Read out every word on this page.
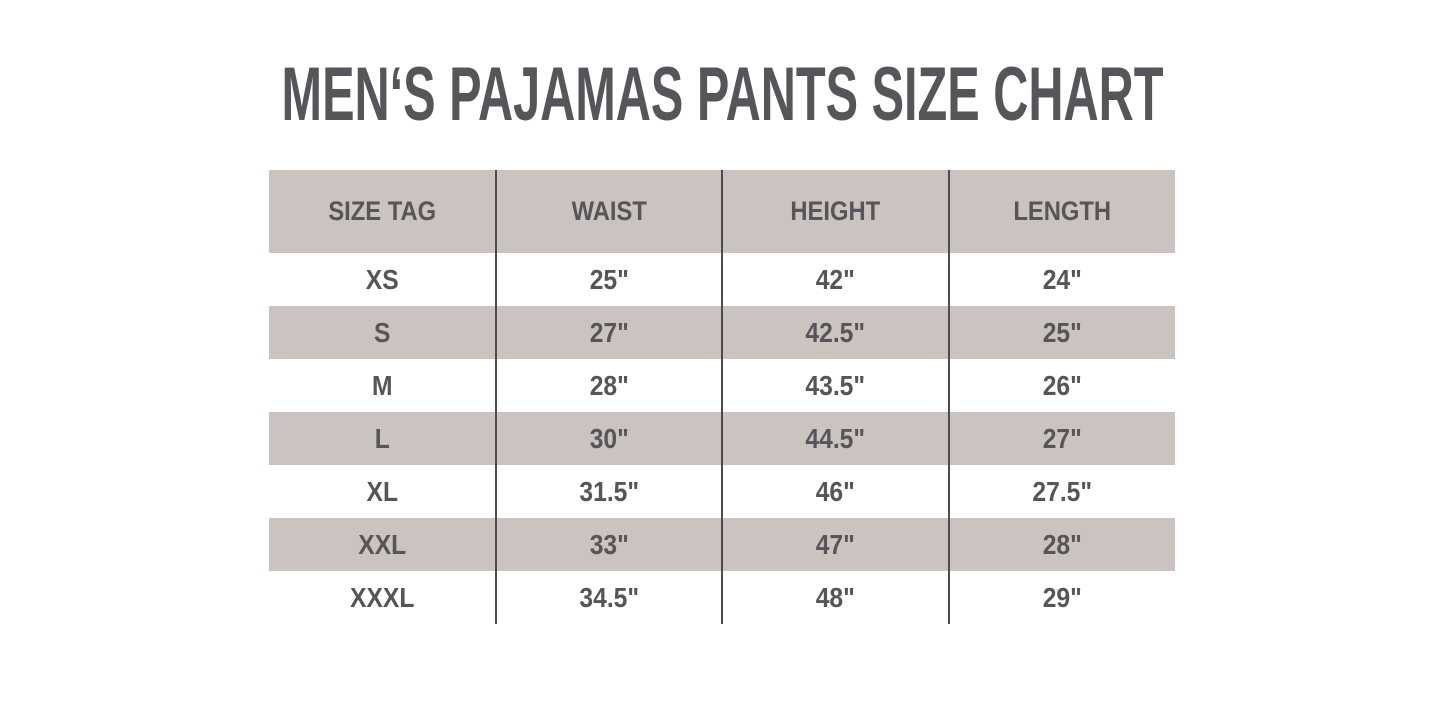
MEN‘S PAJAMAS PANTS SIZE CHART
SIZE TAG	WAIST	HEIGHT	LENGTH
XS	25"	42"	24"
S	27"	42.5"	25"
M	28"	43.5"	26"
L	30"	44.5"	27"
XL	31.5"	46"	27.5"
XXL	33"	47"	28"
XXXL	34.5"	48"	29"
